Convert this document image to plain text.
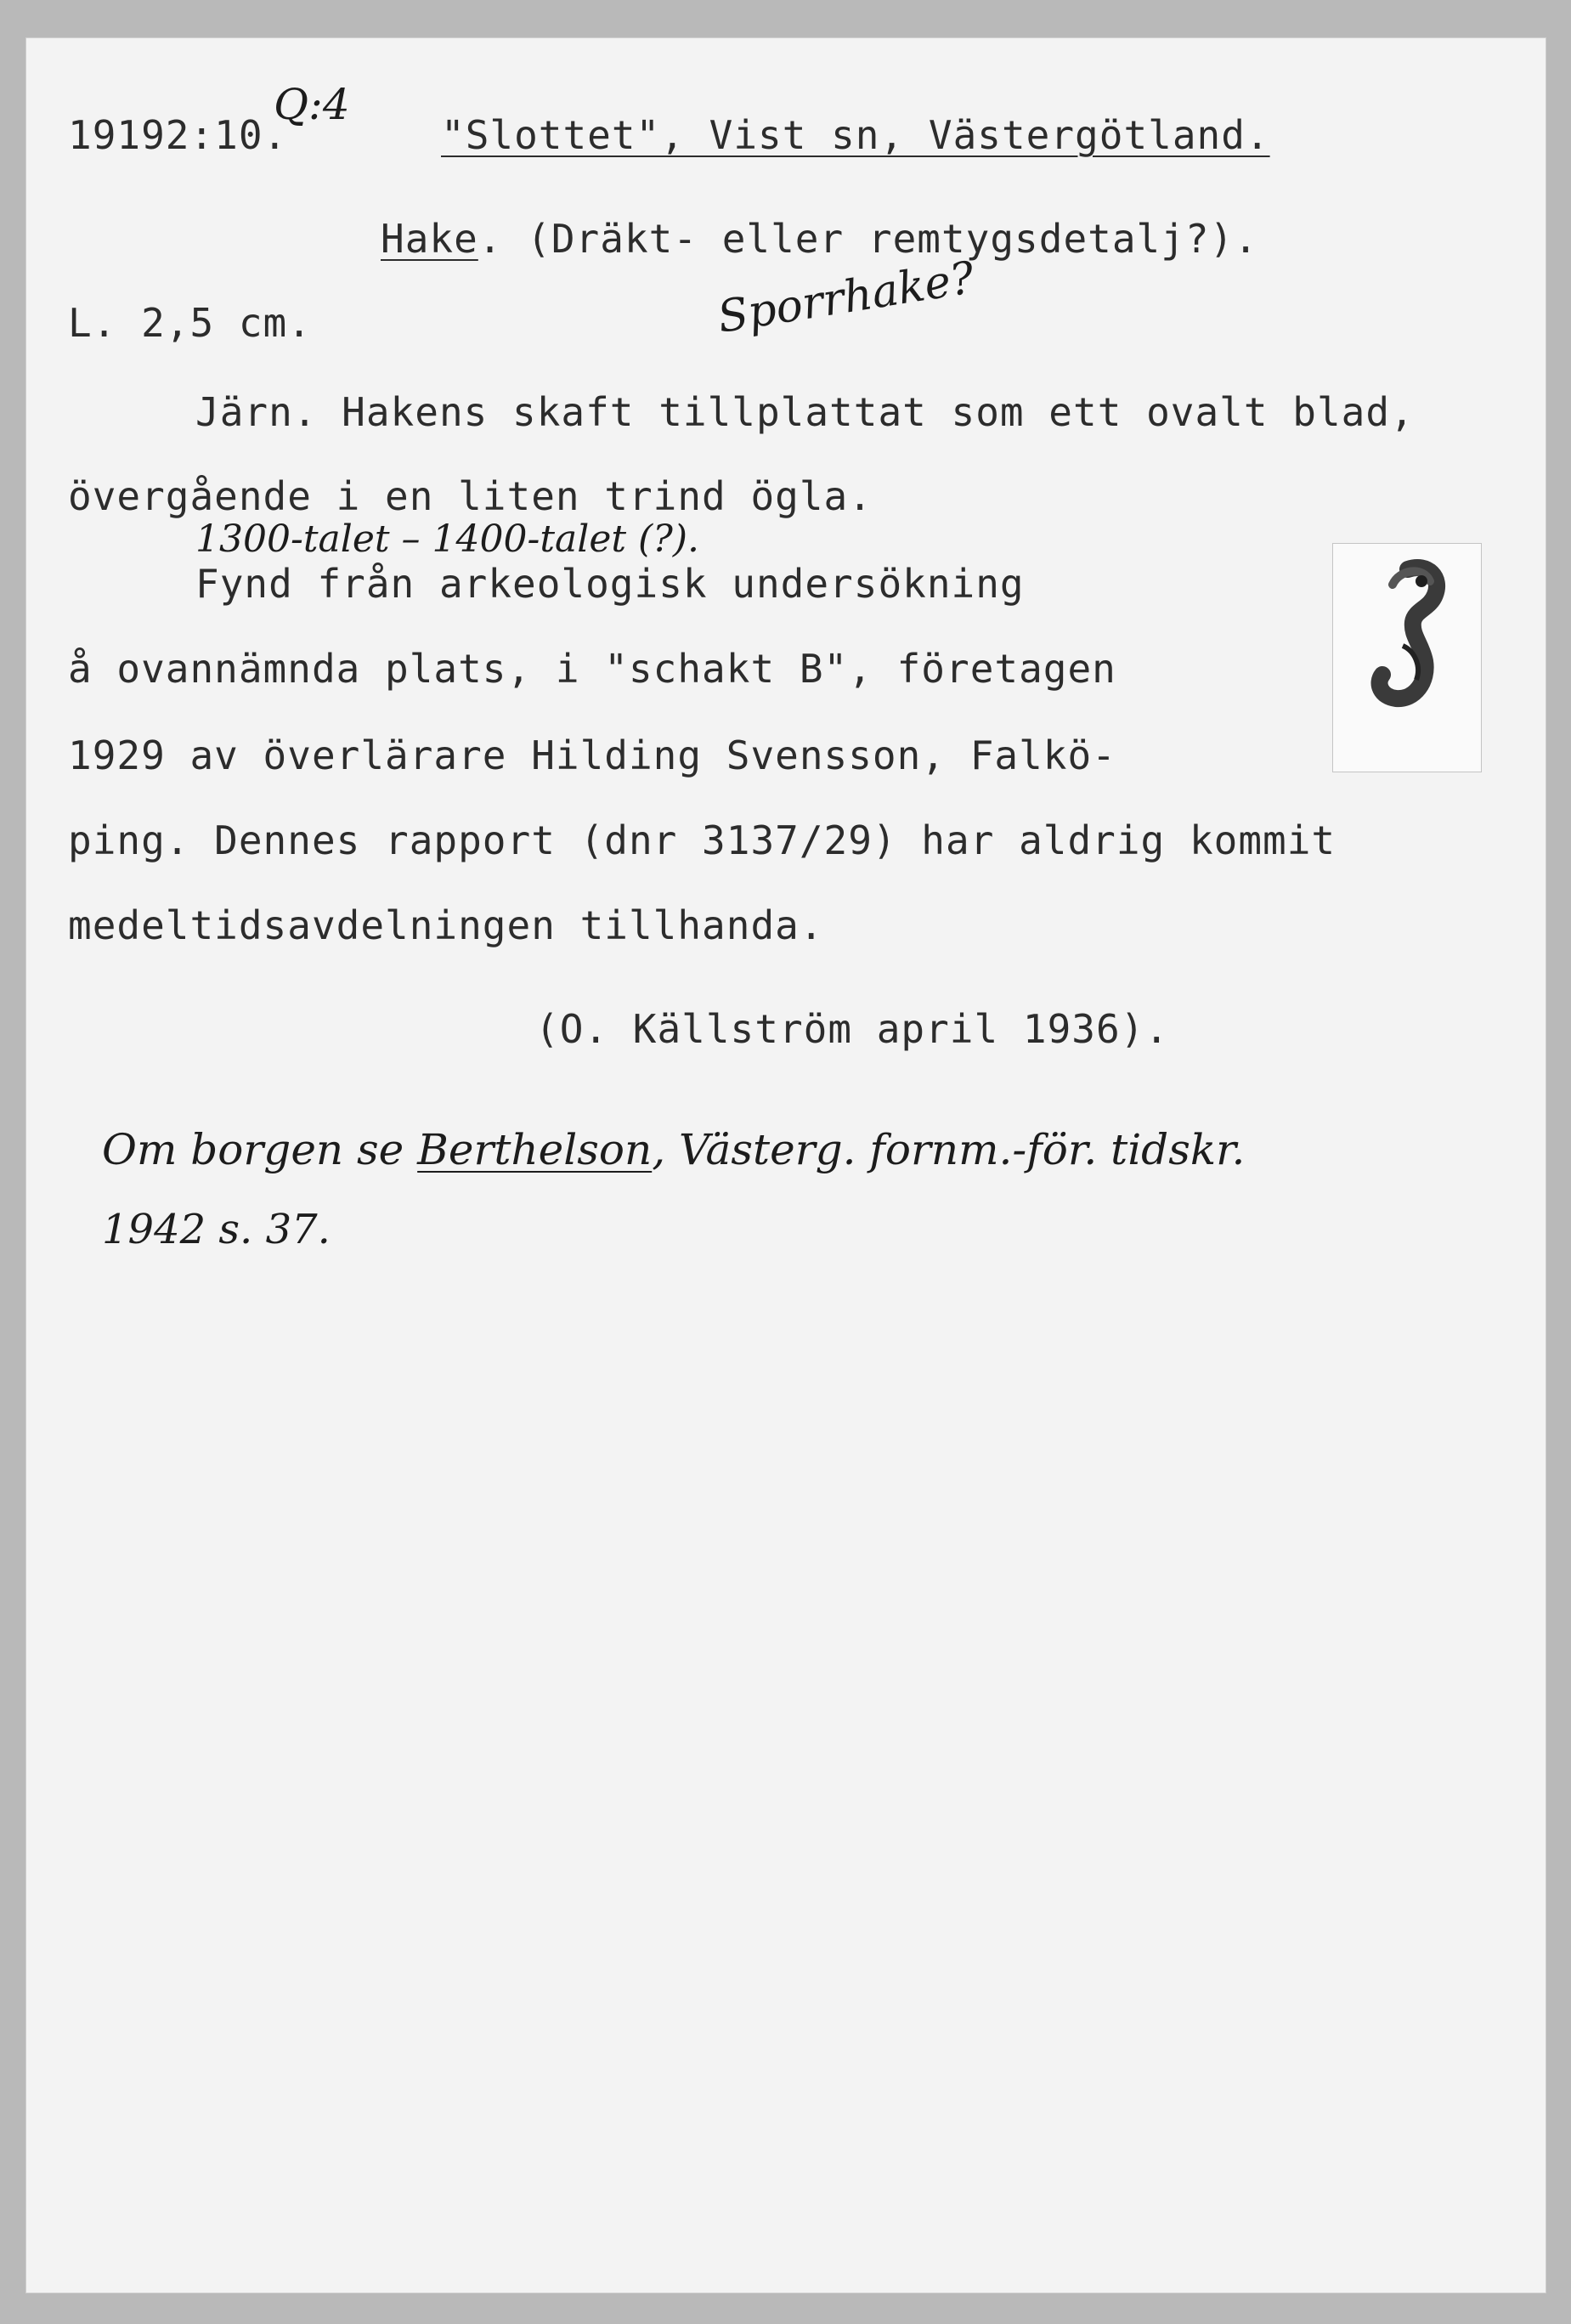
Q:4
19192:10.	"Slottet", Vist sn, Västergötland.
Hake. (Dräkt- eller remtygsdetalj?).
L. 2,5 cm.	Sporrhake?
Järn. Hakens skaft tillplattat som ett ovalt blad,
övergående i en liten trind ögla.
1300-talet – 1400-talet (?).
Fynd från arkeologisk undersökning
å ovannämnda plats, i "schakt B", företagen
1929 av överlärare Hilding Svensson, Falkö-
ping. Dennes rapport (dnr 3137/29) har aldrig kommit
medeltidsavdelningen tillhanda.
(O. Källström april 1936).
Om borgen se Berthelson, Västerg. fornm.-för. tidskr.
1942 s. 37.
